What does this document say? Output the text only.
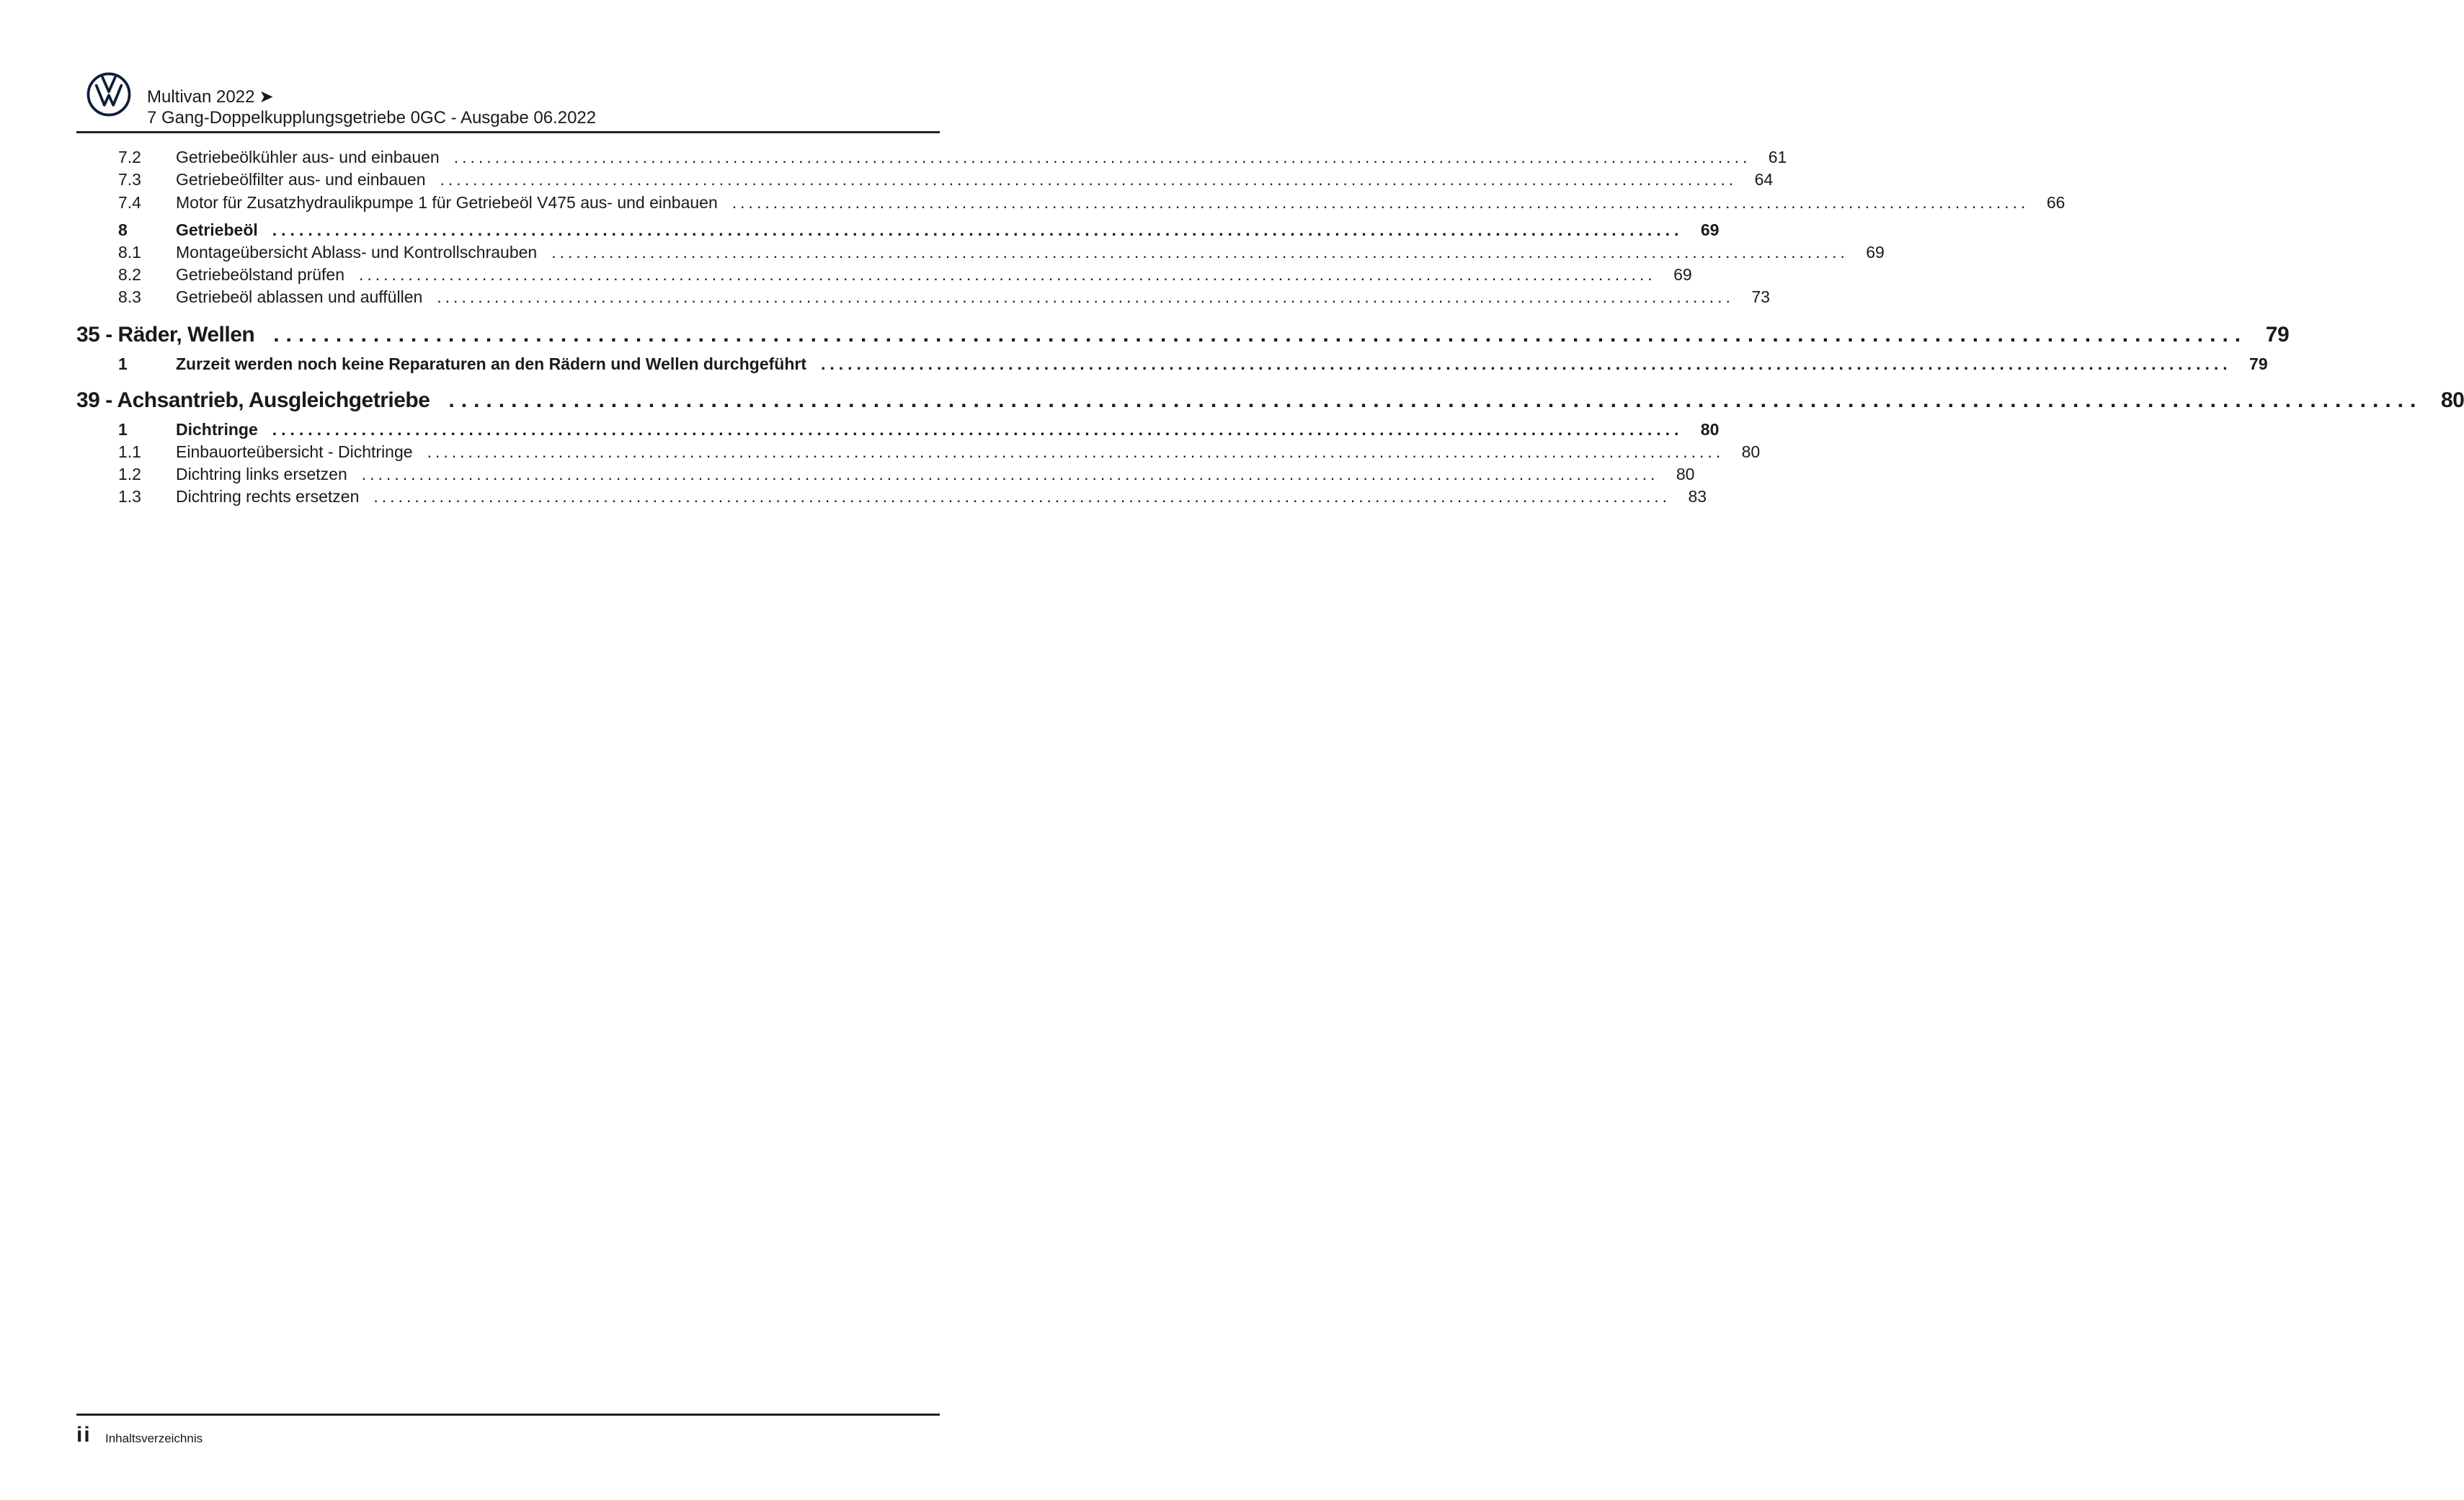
Multivan 2022 ➤
7 Gang-Doppelkupplungsgetriebe 0GC - Ausgabe 06.2022
7.2	Getriebeölkühler aus- und einbauen ..............................................................................................................................................................	61
7.3	Getriebeölfilter aus- und einbauen ..............................................................................................................................................................	64
7.4	Motor für Zusatzhydraulikpumpe 1 für Getriebeöl V475 aus- und einbauen ..............................................................................................................................................................	66
8	Getriebeöl ..............................................................................................................................................................	69
8.1	Montageübersicht Ablass- und Kontrollschrauben ..............................................................................................................................................................	69
8.2	Getriebeölstand prüfen ..............................................................................................................................................................	69
8.3	Getriebeöl ablassen und auffüllen ..............................................................................................................................................................	73
35 - Räder, Wellen .............................................................................................................................................................. 79
1	Zurzeit werden noch keine Reparaturen an den Rädern und Wellen durchgeführt ..............................................................................................................................................................	79
39 - Achsantrieb, Ausgleichgetriebe .............................................................................................................................................................. 80
1	Dichtringe ..............................................................................................................................................................	80
1.1	Einbauorteübersicht - Dichtringe ..............................................................................................................................................................	80
1.2	Dichtring links ersetzen ..............................................................................................................................................................	80
1.3	Dichtring rechts ersetzen ..............................................................................................................................................................	83
ii Inhaltsverzeichnis
